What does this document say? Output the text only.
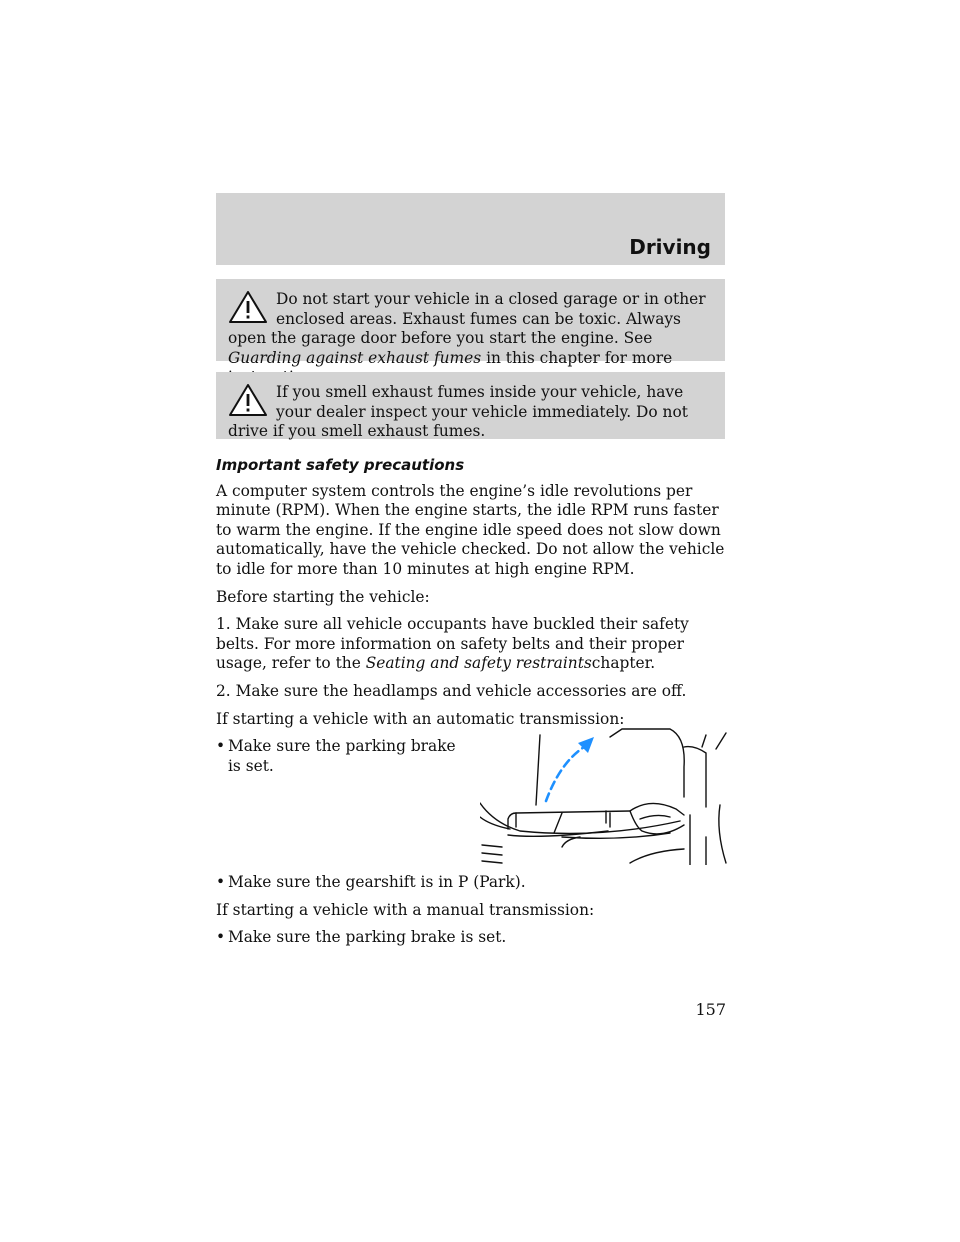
Driving
Do not start your vehicle in a closed garage or in other enclosed areas. Exhaust fumes can be toxic. Always open the garage door before you start the engine. See Guarding against exhaust fumes in this chapter for more
If you smell exhaust fumes inside your vehicle, have your dealer inspect your vehicle immediately. Do not drive if you smell exhaust fumes.
Important safety precautions

A computer system controls the engine’s idle revolutions per minute (RPM). When the engine starts, the idle RPM runs faster to warm the engine. If the engine idle speed does not slow down automatically, have the vehicle checked. Do not allow the vehicle to idle for more than 10 minutes at high engine RPM.

Before starting the vehicle:

1. Make sure all vehicle occupants have buckled their safety belts. For more information on safety belts and their proper usage, refer to the Seating and safety restraintschapter.

2. Make sure the headlamps and vehicle accessories are off.

If starting a vehicle with an automatic transmission:

• Make sure the parking brake is set.
• Make sure the gearshift is in P (Park).

If starting a vehicle with a manual transmission:

• Make sure the parking brake is set.
157
